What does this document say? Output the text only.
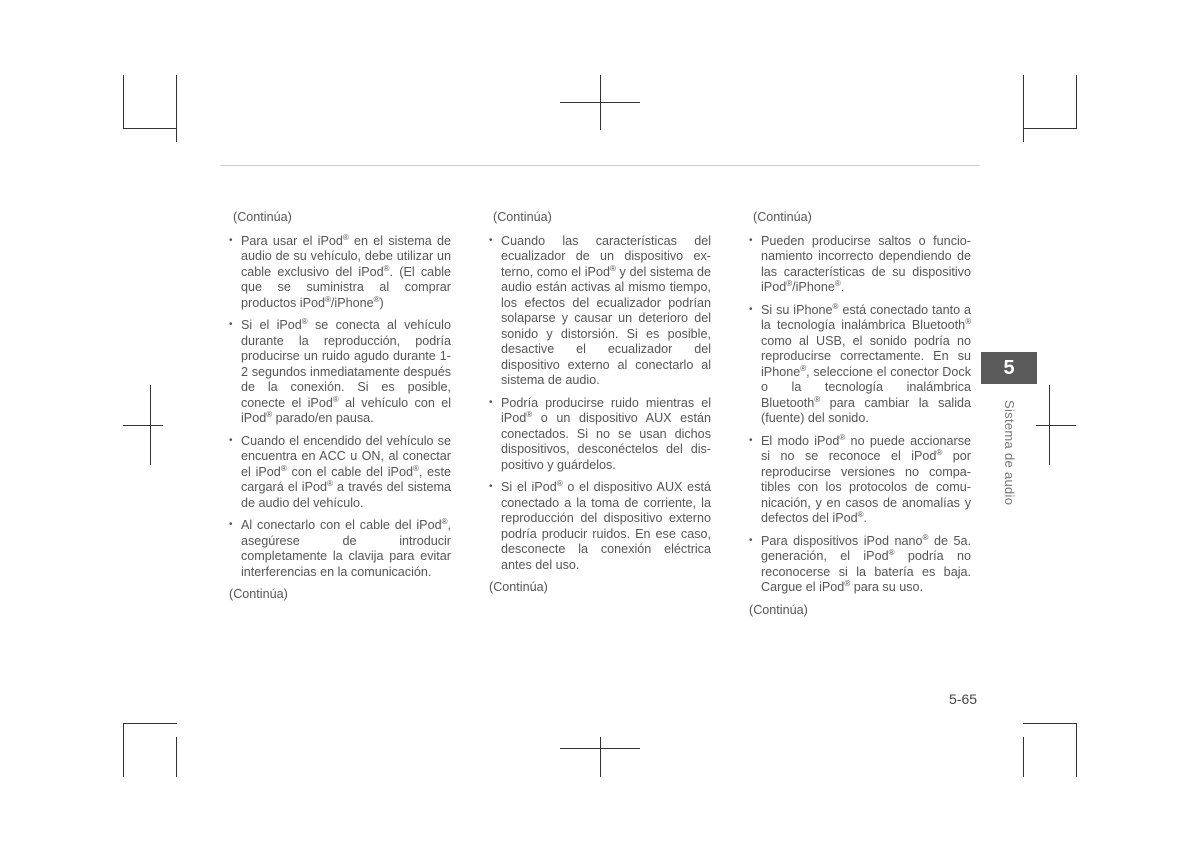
(Continúa)
• Para usar el iPod® en el sistema de audio de su vehículo, debe utilizar un cable exclusivo del iPod®. (El cable que se suministra al comprar productos iPod®/iPhone®)
• Si el iPod® se conecta al vehículo durante la reproducción, podría producirse un ruido agudo durante 1-2 segundos inmediatamente después de la conexión. Si es posible, conecte el iPod® al vehículo con el iPod® parado/en pausa.
• Cuando el encendido del vehículo se encuentra en ACC u ON, al conectar el iPod® con el cable del iPod®, este cargará el iPod® a través del sistema de audio del vehículo.
• Al conectarlo con el cable del iPod®, asegúrese de introducir completamente la clavija para evitar interferencias en la comunicación.
(Continúa)
(Continúa)
• Cuando las características del ecualizador de un dispositivo externo, como el iPod® y del sistema de audio están activas al mismo tiempo, los efectos del ecualizador podrían solaparse y causar un deterioro del sonido y distorsión. Si es posible, desactive el ecualizador del dispositivo externo al conectarlo al sistema de audio.
• Podría producirse ruido mientras el iPod® o un dispositivo AUX están conectados. Si no se usan dichos dispositivos, desconéctelos del dispositivo y guárdelos.
• Si el iPod® o el dispositivo AUX está conectado a la toma de corriente, la reproducción del dispositivo externo podría producir ruidos. En ese caso, desconecte la conexión eléctrica antes del uso.
(Continúa)
(Continúa)
• Pueden producirse saltos o funcionamiento incorrecto dependiendo de las características de su dispositivo iPod®/iPhone®.
• Si su iPhone® está conectado tanto a la tecnología inalámbrica Bluetooth® como al USB, el sonido podría no reproducirse correctamente. En su iPhone®, seleccione el conector Dock o la tecnología inalámbrica Bluetooth® para cambiar la salida (fuente) del sonido.
• El modo iPod® no puede accionarse si no se reconoce el iPod® por reproducirse versiones no compatibles con los protocolos de comunicación, y en casos de anomalías y defectos del iPod®.
• Para dispositivos iPod nano® de 5a. generación, el iPod® podría no reconocerse si la batería es baja. Cargue el iPod® para su uso.
(Continúa)
5
Sistema de audio
5-65
